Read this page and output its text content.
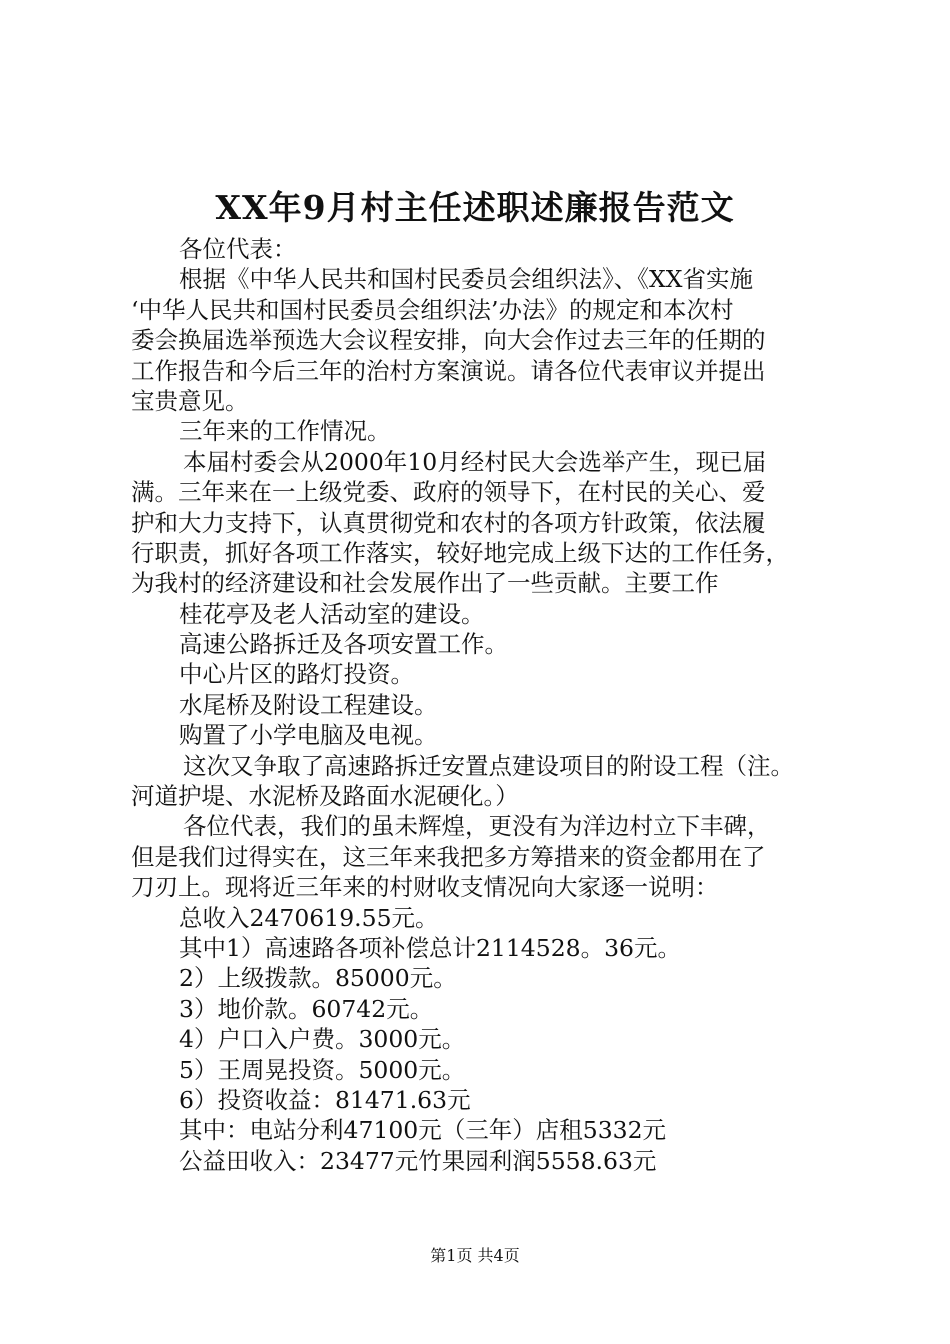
XX年9月村主任述职述廉报告范文
各位代表：
根据《中华人民共和国村民委员会组织法》、《XX省实施
‘中华人民共和国村民委员会组织法’办法》的规定和本次村
委会换届选举预选大会议程安排，向大会作过去三年的任期的
工作报告和今后三年的治村方案演说。请各位代表审议并提出
宝贵意见。
三年来的工作情况。
本届村委会从2000年10月经村民大会选举产生，现已届
满。三年来在一上级党委、政府的领导下，在村民的关心、爱
护和大力支持下，认真贯彻党和农村的各项方针政策，依法履
行职责，抓好各项工作落实，较好地完成上级下达的工作任务，
为我村的经济建设和社会发展作出了一些贡献。主要工作
桂花亭及老人活动室的建设。
高速公路拆迁及各项安置工作。
中心片区的路灯投资。
水尾桥及附设工程建设。
购置了小学电脑及电视。
这次又争取了高速路拆迁安置点建设项目的附设工程（注。
河道护堤、水泥桥及路面水泥硬化。）
各位代表，我们的虽未辉煌，更没有为洋边村立下丰碑，
但是我们过得实在，这三年来我把多方筹措来的资金都用在了
刀刃上。现将近三年来的村财收支情况向大家逐一说明：
总收入2470619.55元。
其中1）高速路各项补偿总计2114528。36元。
2）上级拨款。85000元。
3）地价款。60742元。
4）户口入户费。3000元。
5）王周晃投资。5000元。
6）投资收益：81471.63元
其中：电站分利47100元（三年）店租5332元
公益田收入：23477元竹果园利润5558.63元
第1页 共4页
